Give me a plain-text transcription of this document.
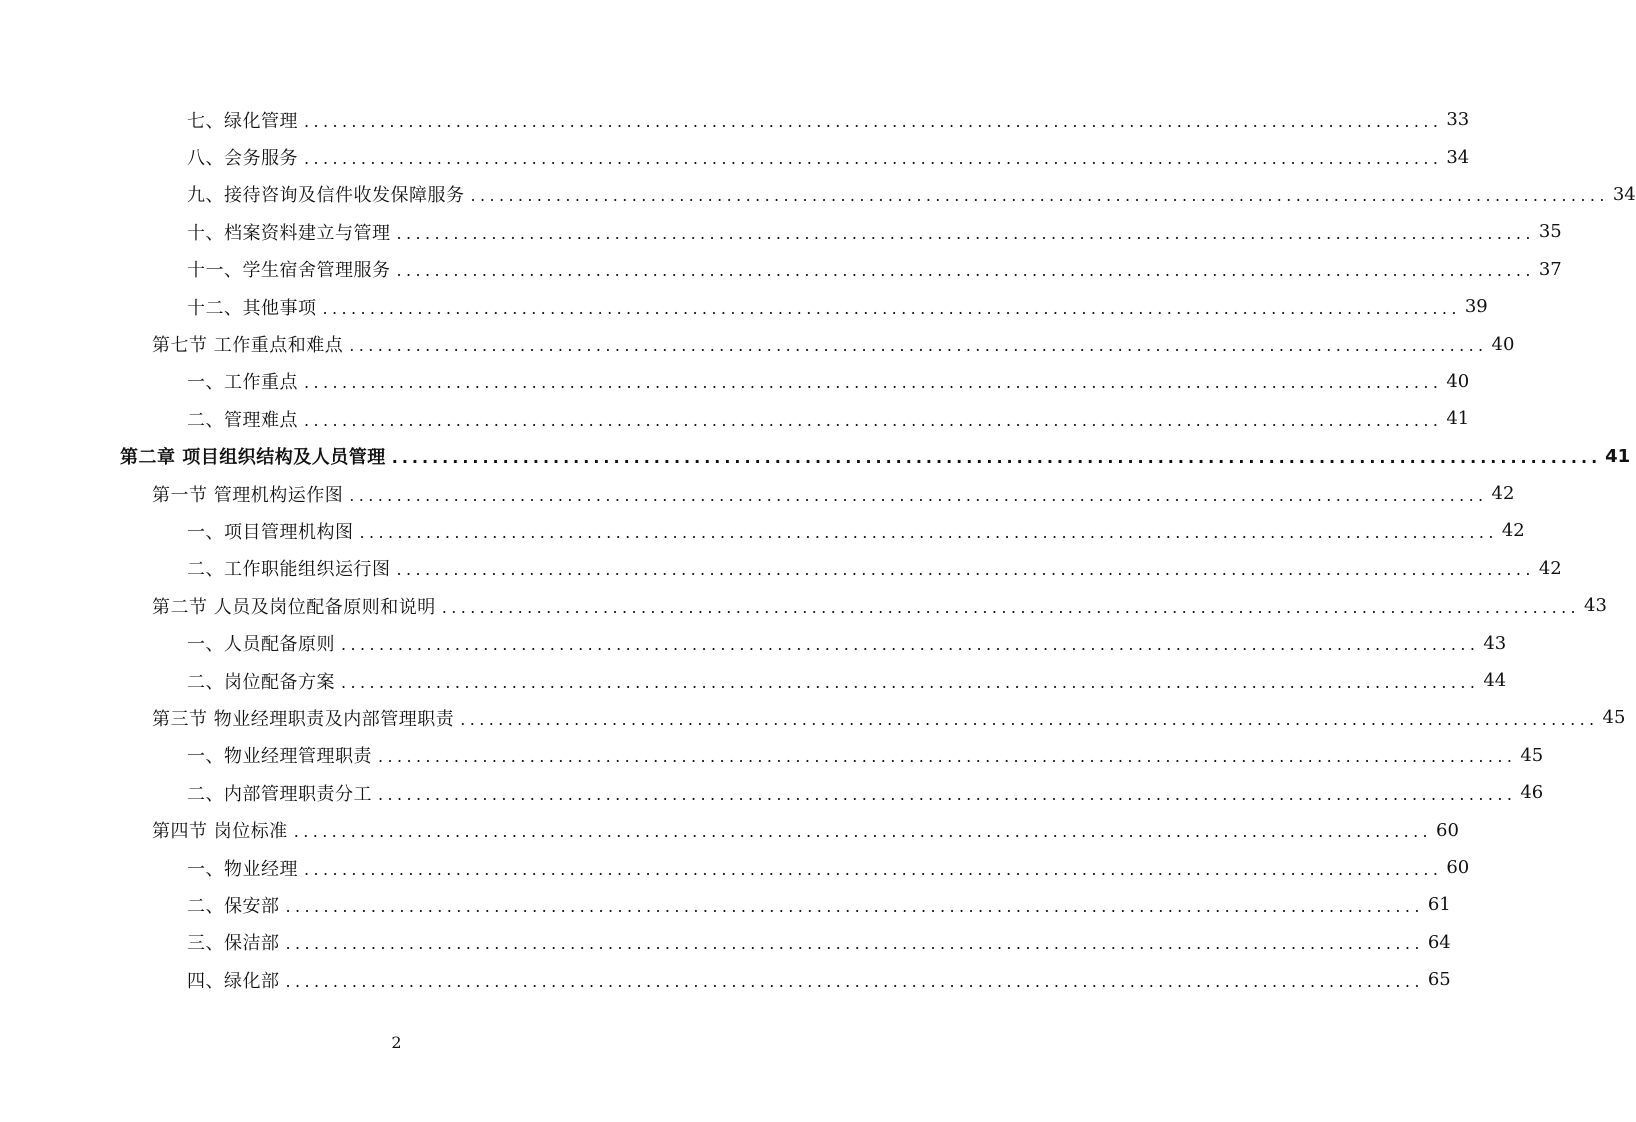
七、绿化管理 ........................................................................................................................ 33
八、会务服务 ........................................................................................................................ 34
九、接待咨询及信件收发保障服务 ........................................................................................................................ 34
十、档案资料建立与管理 ........................................................................................................................ 35
十一、学生宿舍管理服务 ........................................................................................................................ 37
十二、其他事项 ........................................................................................................................ 39
第七节 工作重点和难点 ........................................................................................................................ 40
一、工作重点 ........................................................................................................................ 40
二、管理难点 ........................................................................................................................ 41
第二章 项目组织结构及人员管理 ........................................................................................................................ 41
第一节 管理机构运作图 ........................................................................................................................ 42
一、项目管理机构图 ........................................................................................................................ 42
二、工作职能组织运行图 ........................................................................................................................ 42
第二节 人员及岗位配备原则和说明 ........................................................................................................................ 43
一、人员配备原则 ........................................................................................................................ 43
二、岗位配备方案 ........................................................................................................................ 44
第三节 物业经理职责及内部管理职责 ........................................................................................................................ 45
一、物业经理管理职责 ........................................................................................................................ 45
二、内部管理职责分工 ........................................................................................................................ 46
第四节 岗位标准 ........................................................................................................................ 60
一、物业经理 ........................................................................................................................ 60
二、保安部 ........................................................................................................................ 61
三、保洁部 ........................................................................................................................ 64
四、绿化部 ........................................................................................................................ 65
2
